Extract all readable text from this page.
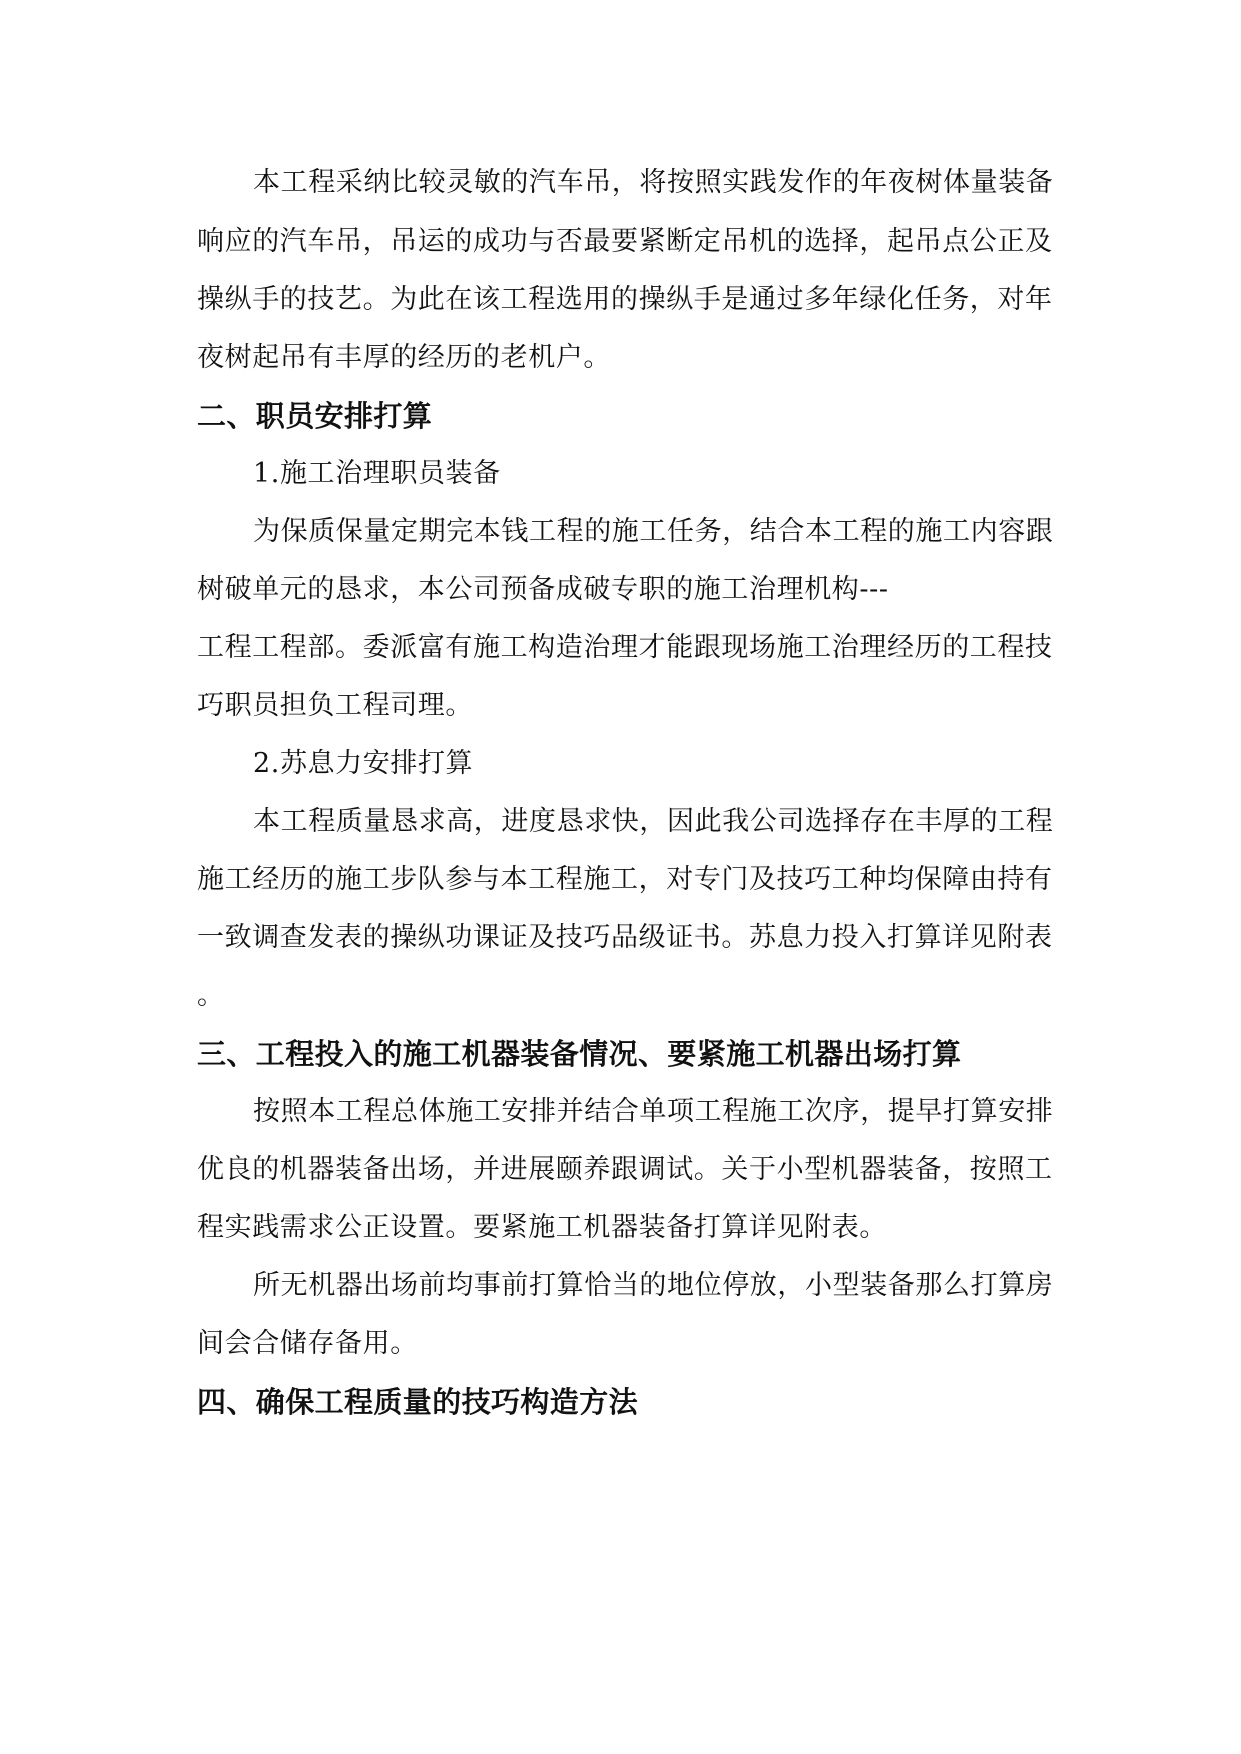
本工程采纳比较灵敏的汽车吊，将按照实践发作的年夜树体量装备
响应的汽车吊，吊运的成功与否最要紧断定吊机的选择，起吊点公正及
操纵手的技艺。为此在该工程选用的操纵手是通过多年绿化任务，对年
夜树起吊有丰厚的经历的老机户。
二、职员安排打算
1.施工治理职员装备
为保质保量定期完本钱工程的施工任务，结合本工程的施工内容跟
树破单元的恳求，本公司预备成破专职的施工治理机构---
工程工程部。委派富有施工构造治理才能跟现场施工治理经历的工程技
巧职员担负工程司理。
2.苏息力安排打算
本工程质量恳求高，进度恳求快，因此我公司选择存在丰厚的工程
施工经历的施工步队参与本工程施工，对专门及技巧工种均保障由持有
一致调查发表的操纵功课证及技巧品级证书。苏息力投入打算详见附表
。
三、工程投入的施工机器装备情况、要紧施工机器出场打算
按照本工程总体施工安排并结合单项工程施工次序，提早打算安排
优良的机器装备出场，并进展颐养跟调试。关于小型机器装备，按照工
程实践需求公正设置。要紧施工机器装备打算详见附表。
所无机器出场前均事前打算恰当的地位停放，小型装备那么打算房
间会合储存备用。
四、确保工程质量的技巧构造方法
